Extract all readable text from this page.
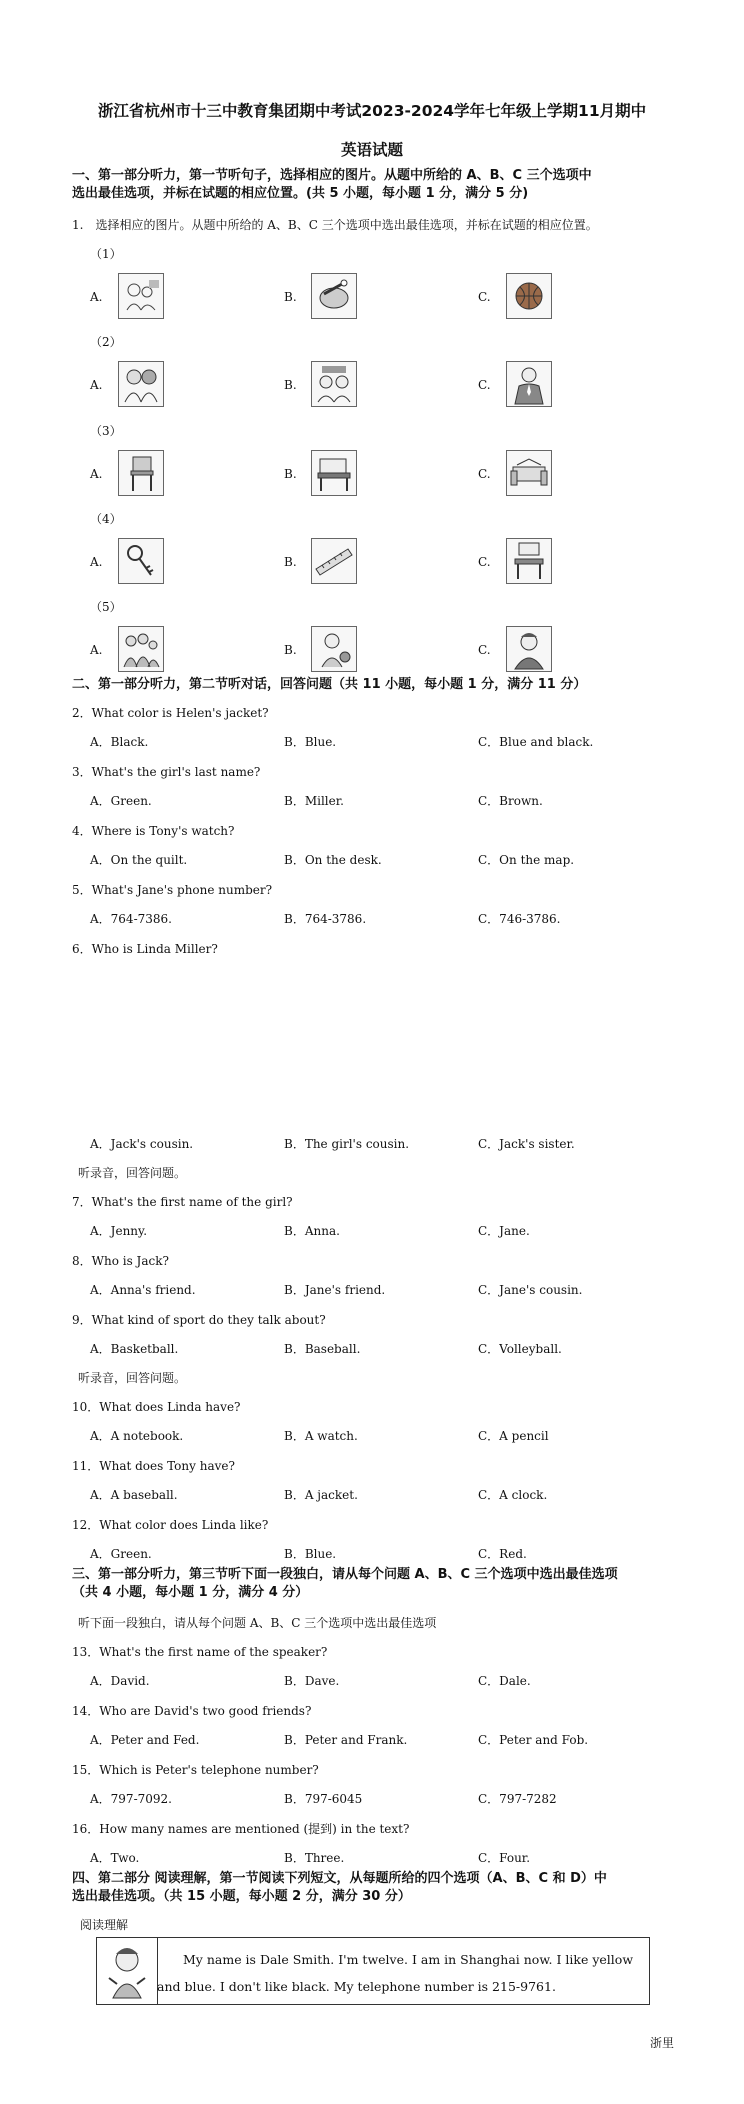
浙江省杭州市十三中教育集团期中考试2023-2024学年七年级上学期11月期中
英语试题
一、第一部分听力，第一节听句子，选择相应的图片。从题中所给的 A、B、C 三个选项中
选出最佳选项，并标在试题的相应位置。(共 5 小题，每小题 1 分，满分 5 分)
1.　选择相应的图片。从题中所给的 A、B、C 三个选项中选出最佳选项，并标在试题的相应位置。
（1）
A.	B.	C.
（2）
A.	B.	C.
（3）
A.	B.	C.
（4）
A.	B.	C.
（5）
A.	B.	C.
二、第一部分听力，第二节听对话，回答问题（共 11 小题，每小题 1 分，满分 11 分）
2．What color is Helen's jacket?
A．Black.	B．Blue.	C．Blue and black.
3．What's the girl's last name?
A．Green.	B．Miller.	C．Brown.
4．Where is Tony's watch?
A．On the quilt.	B．On the desk.	C．On the map.
5．What's Jane's phone number?
A．764-7386.	B．764-3786.	C．746-3786.
6．Who is Linda Miller?
A．Jack's cousin.	B．The girl's cousin.	C．Jack's sister.
听录音，回答问题。
7．What's the first name of the girl?
A．Jenny.	B．Anna.	C．Jane.
8．Who is Jack?
A．Anna's friend.	B．Jane's friend.	C．Jane's cousin.
9．What kind of sport do they talk about?
A．Basketball.	B．Baseball.	C．Volleyball.
听录音，回答问题。
10．What does Linda have?
A．A notebook.	B．A watch.	C．A pencil
11．What does Tony have?
A．A baseball.	B．A jacket.	C．A clock.
12．What color does Linda like?
A．Green.	B．Blue.	C．Red.
三、第一部分听力，第三节听下面一段独白，请从每个问题 A、B、C 三个选项中选出最佳选项
（共 4 小题，每小题 1 分，满分 4 分）
听下面一段独白，请从每个问题 A、B、C 三个选项中选出最佳选项
13．What's the first name of the speaker?
A．David.	B．Dave.	C．Dale.
14．Who are David's two good friends?
A．Peter and Fed.	B．Peter and Frank.	C．Peter and Fob.
15．Which is Peter's telephone number?
A．797-7092.	B．797-6045	C．797-7282
16．How many names are mentioned (提到) in the text?
A．Two.	B．Three.	C．Four.
四、第二部分 阅读理解，第一节阅读下列短文，从每题所给的四个选项（A、B、C 和 D）中
选出最佳选项。（共 15 小题，每小题 2 分，满分 30 分）
阅读理解
My name is Dale Smith. I'm twelve. I am in Shanghai now. I like yellow and blue. I don't like black. My telephone number is 215-9761.
浙里
